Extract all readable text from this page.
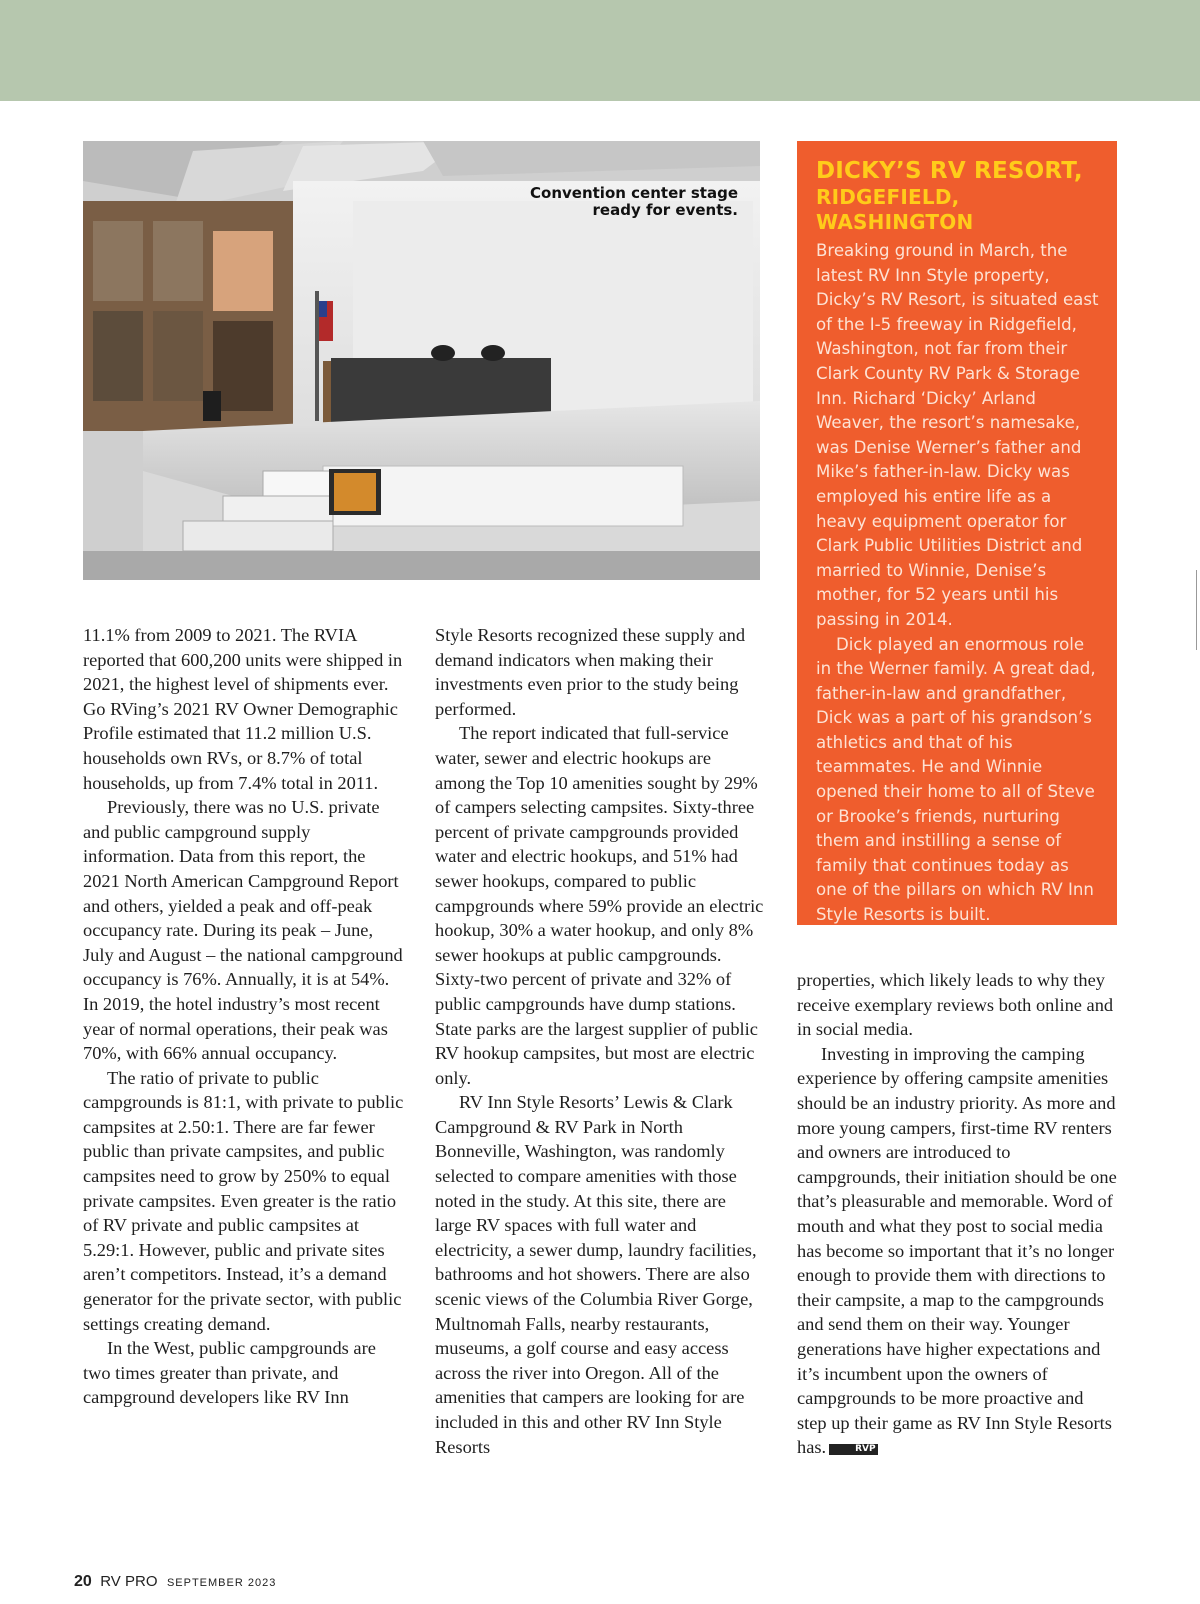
Convention center stage
ready for events.
DICKY’S RV RESORT,
RIDGEFIELD, WASHINGTON

Breaking ground in March, the latest RV Inn Style property, Dicky’s RV Resort, is situated east of the I-5 freeway in Ridgefield, Washington, not far from their Clark County RV Park & Storage Inn. Richard ‘Dicky’ Arland Weaver, the resort’s namesake, was Denise Werner’s father and Mike’s father-in-law. Dicky was employed his entire life as a heavy equipment operator for Clark Public Utilities District and married to Winnie, Denise’s mother, for 52 years until his passing in 2014.

Dick played an enormous role in the Werner family. A great dad, father-in-law and grandfather, Dick was a part of his grandson’s athletics and that of his teammates. He and Winnie opened their home to all of Steve or Brooke’s friends, nurturing them and instilling a sense of family that continues today as one of the pillars on which RV Inn Style Resorts is built.

11.1% from 2009 to 2021. The RVIA reported that 600,200 units were shipped in 2021, the highest level of shipments ever. Go RVing’s 2021 RV Owner Demographic Profile estimated that 11.2 million U.S. households own RVs, or 8.7% of total households, up from 7.4% total in 2011.

Previously, there was no U.S. private and public campground supply information. Data from this report, the 2021 North American Campground Report and others, yielded a peak and off-peak occupancy rate. During its peak – June, July and August – the national campground occupancy is 76%. Annually, it is at 54%. In 2019, the hotel industry’s most recent year of normal operations, their peak was 70%, with 66% annual occupancy.

The ratio of private to public campgrounds is 81:1, with private to public campsites at 2.50:1. There are far fewer public than private campsites, and public campsites need to grow by 250% to equal private campsites. Even greater is the ratio of RV private and public campsites at 5.29:1. However, public and private sites aren’t competitors. Instead, it’s a demand generator for the private sector, with public settings creating demand.

In the West, public campgrounds are two times greater than private, and campground developers like RV Inn

Style Resorts recognized these supply and demand indicators when making their investments even prior to the study being performed.

The report indicated that full-service water, sewer and electric hookups are among the Top 10 amenities sought by 29% of campers selecting campsites. Sixty-three percent of private campgrounds provided water and electric hookups, and 51% had sewer hookups, compared to public campgrounds where 59% provide an electric hookup, 30% a water hookup, and only 8% sewer hookups at public campgrounds. Sixty-two percent of private and 32% of public campgrounds have dump stations. State parks are the largest supplier of public RV hookup campsites, but most are electric only.

RV Inn Style Resorts’ Lewis & Clark Campground & RV Park in North Bonneville, Washington, was randomly selected to compare amenities with those noted in the study. At this site, there are large RV spaces with full water and electricity, a sewer dump, laundry facilities, bathrooms and hot showers. There are also scenic views of the Columbia River Gorge, Multnomah Falls, nearby restaurants, museums, a golf course and easy access across the river into Oregon. All of the amenities that campers are looking for are included in this and other RV Inn Style Resorts

properties, which likely leads to why they receive exemplary reviews both online and in social media.

Investing in improving the camping experience by offering campsite amenities should be an industry priority. As more and more young campers, first-time RV renters and owners are introduced to campgrounds, their initiation should be one that’s pleasurable and memorable. Word of mouth and what they post to social media has become so important that it’s no longer enough to provide them with directions to their campsite, a map to the campgrounds and send them on their way. Younger generations have higher expectations and it’s incumbent upon the owners of campgrounds to be more proactive and step up their game as RV Inn Style Resorts has.	RVP

20 RV PRO SEPTEMBER 2023
